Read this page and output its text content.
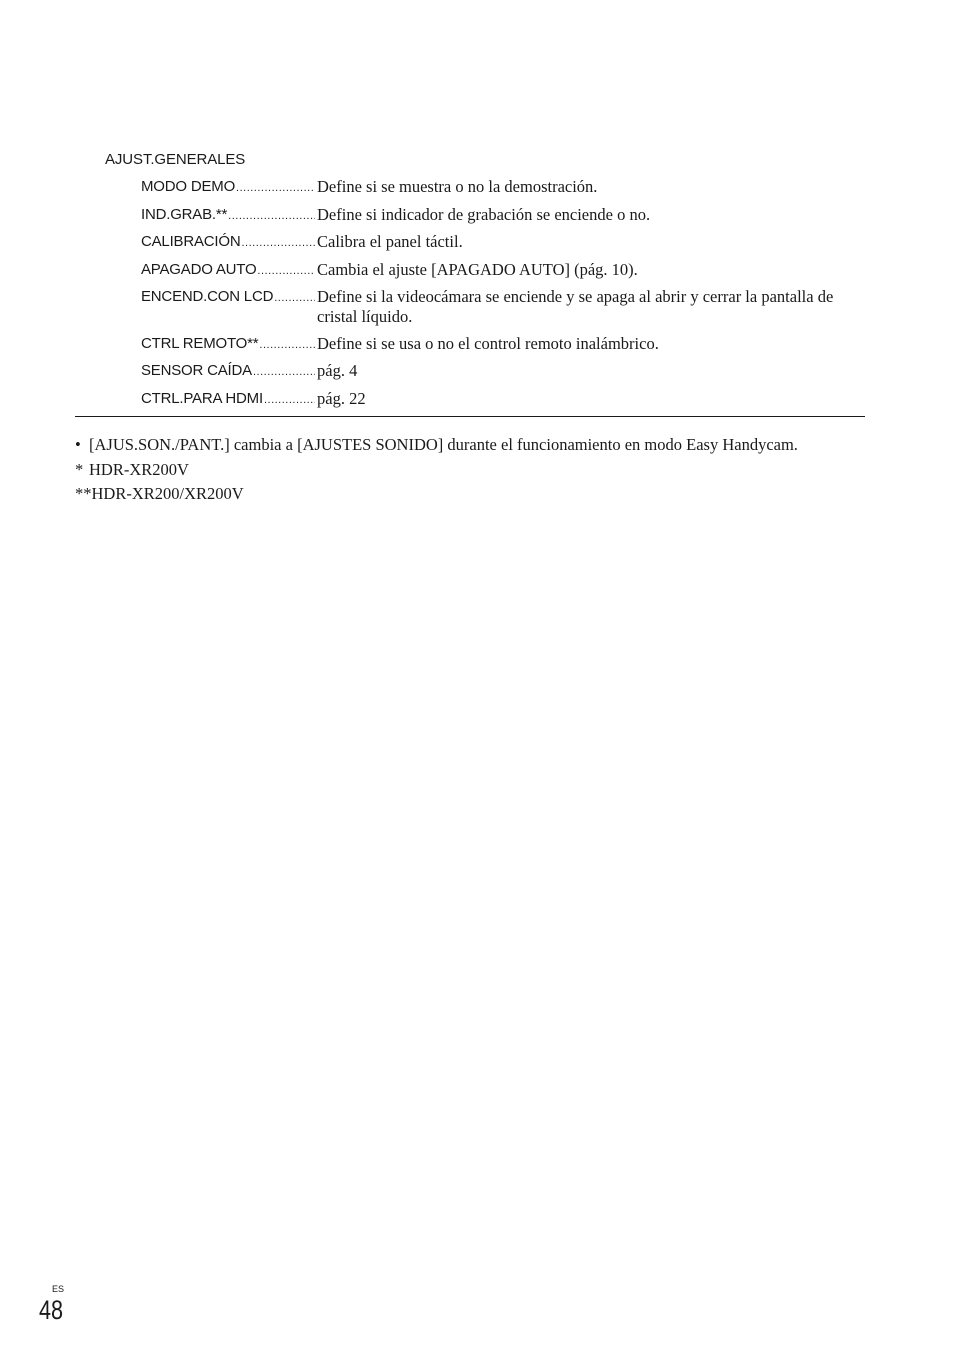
AJUST.GENERALES
MODO DEMO .....	Define si se muestra o no la demostración.
IND.GRAB.** .....	Define si indicador de grabación se enciende o no.
CALIBRACIÓN .....	Calibra el panel táctil.
APAGADO AUTO .....	Cambia el ajuste [APAGADO AUTO] (pág. 10).
ENCEND.CON LCD .....	Define si la videocámara se enciende y se apaga al abrir y cerrar la pantalla de cristal líquido.
CTRL REMOTO** .....	Define si se usa o no el control remoto inalámbrico.
SENSOR CAÍDA .....	pág. 4
CTRL.PARA HDMI .....	pág. 22
• [AJUS.SON./PANT.] cambia a [AJUSTES SONIDO] durante el funcionamiento en modo Easy Handycam.
* HDR-XR200V
**HDR-XR200/XR200V
ES
48
